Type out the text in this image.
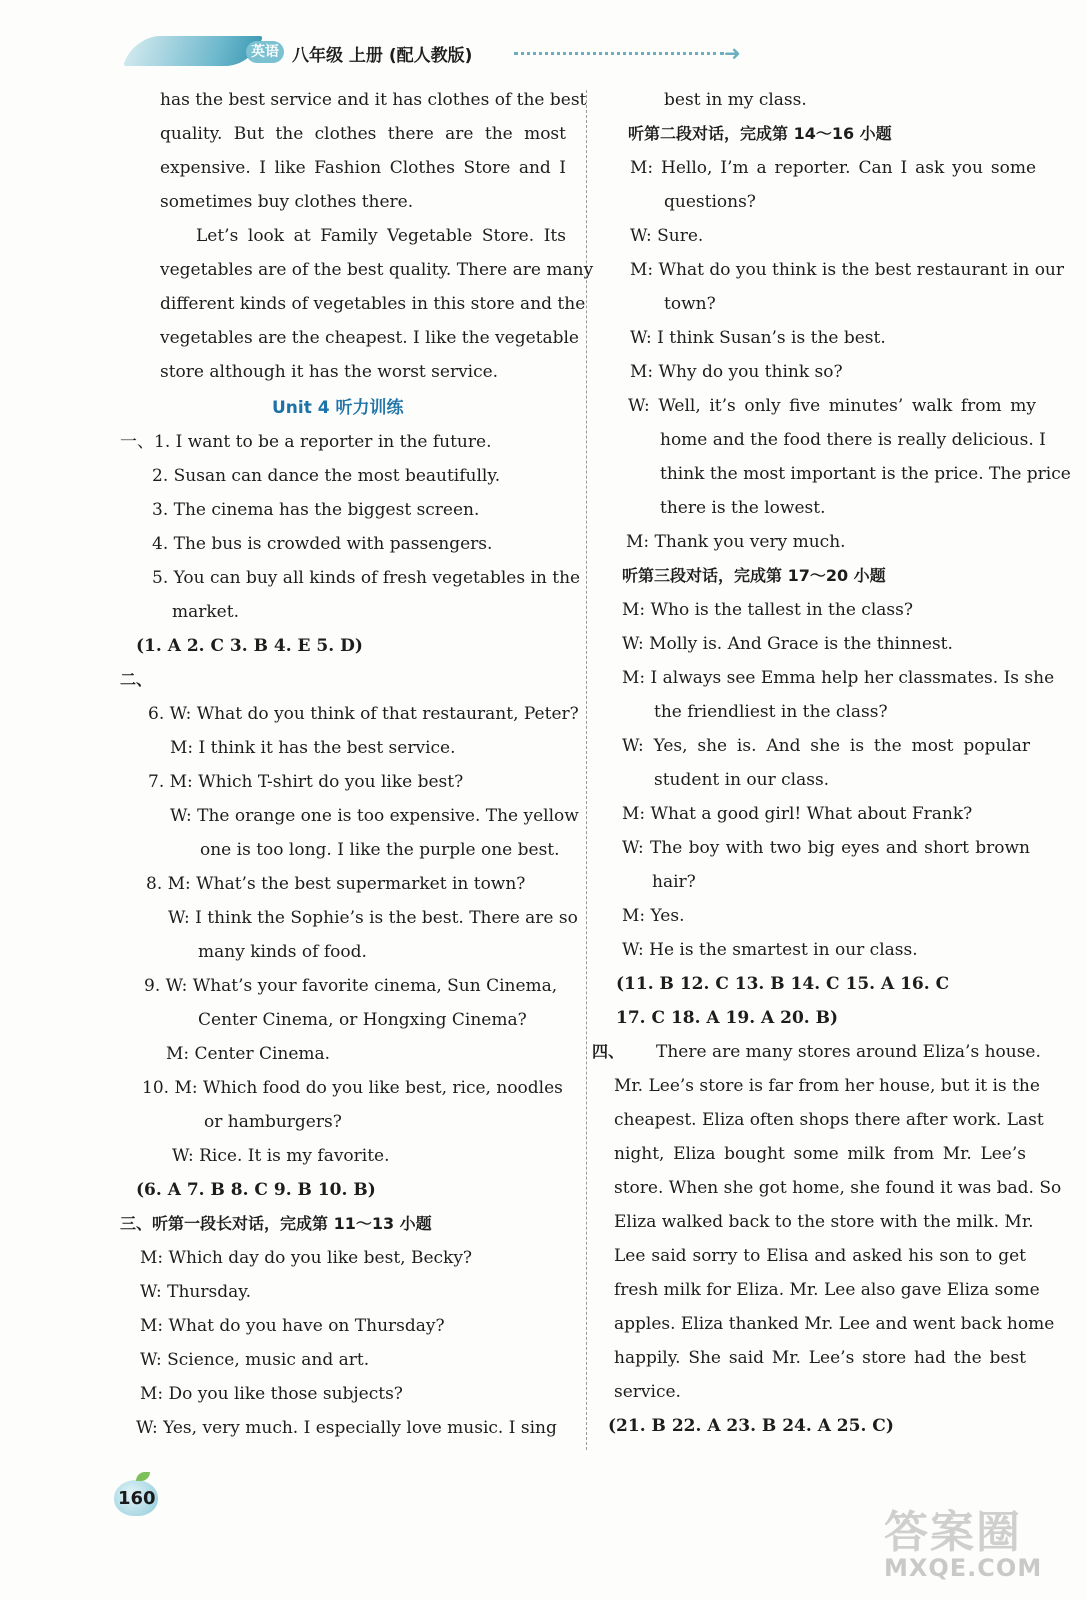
英语 八年级 上册 (配人教版)	➜
has the best service and it has clothes of the best
quality. But the clothes there are the most
expensive. I like Fashion Clothes Store and I
sometimes buy clothes there.
Let’s look at Family Vegetable Store. Its
vegetables are of the best quality. There are many
different kinds of vegetables in this store and the
vegetables are the cheapest. I like the vegetable
store although it has the worst service.
Unit 4 听力训练
一、1. I want to be a reporter in the future.
2. Susan can dance the most beautifully.
3. The cinema has the biggest screen.
4. The bus is crowded with passengers.
5. You can buy all kinds of fresh vegetables in the
market.
(1. A 2. C 3. B 4. E 5. D)
二、
6. W: What do you think of that restaurant, Peter?
M: I think it has the best service.
7. M: Which T-shirt do you like best?
W: The orange one is too expensive. The yellow
one is too long. I like the purple one best.
8. M: What’s the best supermarket in town?
W: I think the Sophie’s is the best. There are so
many kinds of food.
9. W: What’s your favorite cinema, Sun Cinema,
Center Cinema, or Hongxing Cinema?
M: Center Cinema.
10. M: Which food do you like best, rice, noodles
or hamburgers?
W: Rice. It is my favorite.
(6. A 7. B 8. C 9. B 10. B)
三、听第一段长对话，完成第 11～13 小题
M: Which day do you like best, Becky?
W: Thursday.
M: What do you have on Thursday?
W: Science, music and art.
M: Do you like those subjects?
W: Yes, very much. I especially love music. I sing
best in my class.
听第二段对话，完成第 14～16 小题
M: Hello, I’m a reporter. Can I ask you some
questions?
W: Sure.
M: What do you think is the best restaurant in our
town?
W: I think Susan’s is the best.
M: Why do you think so?
W: Well, it’s only five minutes’ walk from my
home and the food there is really delicious. I
think the most important is the price. The price
there is the lowest.
M: Thank you very much.
听第三段对话，完成第 17～20 小题
M: Who is the tallest in the class?
W: Molly is. And Grace is the thinnest.
M: I always see Emma help her classmates. Is she
the friendliest in the class?
W: Yes, she is. And she is the most popular
student in our class.
M: What a good girl! What about Frank?
W: The boy with two big eyes and short brown
hair?
M: Yes.
W: He is the smartest in our class.
(11. B 12. C 13. B 14. C 15. A 16. C
17. C 18. A 19. A 20. B)
四、 There are many stores around Eliza’s house.
Mr. Lee’s store is far from her house, but it is the
cheapest. Eliza often shops there after work. Last
night, Eliza bought some milk from Mr. Lee’s
store. When she got home, she found it was bad. So
Eliza walked back to the store with the milk. Mr.
Lee said sorry to Elisa and asked his son to get
fresh milk for Eliza. Mr. Lee also gave Eliza some
apples. Eliza thanked Mr. Lee and went back home
happily. She said Mr. Lee’s store had the best
service.
(21. B 22. A 23. B 24. A 25. C)
160
答案圈
MXQE.COM
